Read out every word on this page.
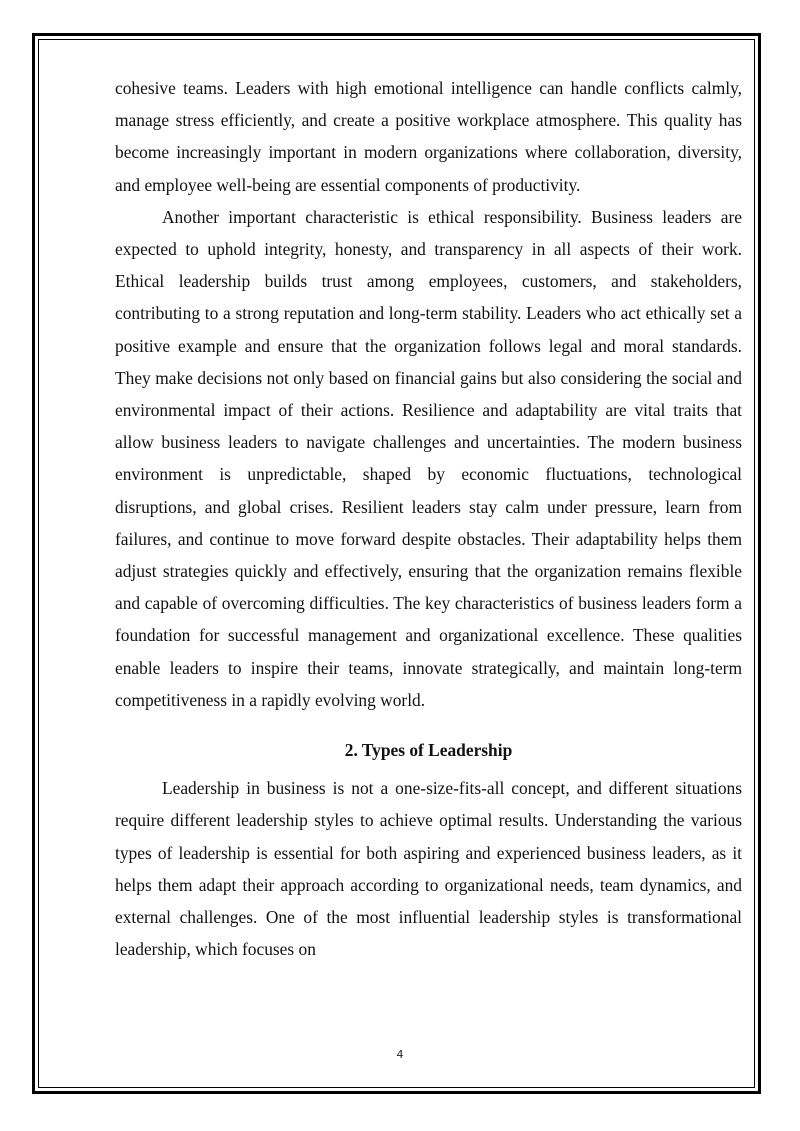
cohesive teams. Leaders with high emotional intelligence can handle conflicts calmly, manage stress efficiently, and create a positive workplace atmosphere. This quality has become increasingly important in modern organizations where collaboration, diversity, and employee well-being are essential components of productivity.

Another important characteristic is ethical responsibility. Business leaders are expected to uphold integrity, honesty, and transparency in all aspects of their work. Ethical leadership builds trust among employees, customers, and stakeholders, contributing to a strong reputation and long-term stability. Leaders who act ethically set a positive example and ensure that the organization follows legal and moral standards. They make decisions not only based on financial gains but also considering the social and environmental impact of their actions. Resilience and adaptability are vital traits that allow business leaders to navigate challenges and uncertainties. The modern business environment is unpredictable, shaped by economic fluctuations, technological disruptions, and global crises. Resilient leaders stay calm under pressure, learn from failures, and continue to move forward despite obstacles. Their adaptability helps them adjust strategies quickly and effectively, ensuring that the organization remains flexible and capable of overcoming difficulties. The key characteristics of business leaders form a foundation for successful management and organizational excellence. These qualities enable leaders to inspire their teams, innovate strategically, and maintain long-term competitiveness in a rapidly evolving world.

2. Types of Leadership

Leadership in business is not a one-size-fits-all concept, and different situations require different leadership styles to achieve optimal results. Understanding the various types of leadership is essential for both aspiring and experienced business leaders, as it helps them adapt their approach according to organizational needs, team dynamics, and external challenges. One of the most influential leadership styles is transformational leadership, which focuses on

4
